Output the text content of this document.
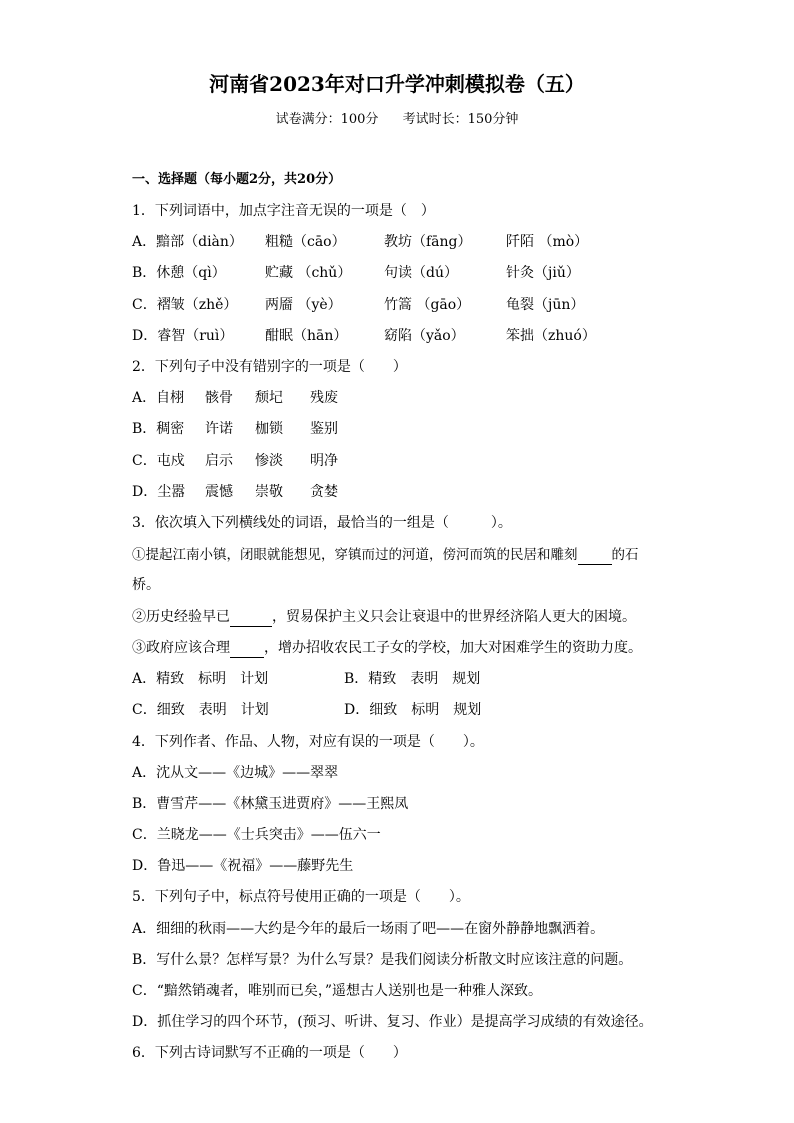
河南省2023年对口升学冲刺模拟卷（五）
试卷满分：100分 考试时长：150分钟
一、选择题（每小题2分，共20分）
1．下列词语中，加点字注音无误的一项是（　）
A．黯部（diàn） 粗糙（cāo）	教坊（fāng） 阡陌 （mò）
B．休憩（qì）	贮藏 （chǔ） 句读（dú）	针灸（jiǔ）
C．褶皱（zhě） 两靥 （yè）	竹篙 （gāo）	龟裂（jūn）
D．睿智（ruì） 酣眠（hān）	窈陷（yǎo）	笨拙（zhuó）
2．下列句子中没有错别字的一项是（　　）
A．自栩 骸骨 颓圮 残废
B．稠密 许诺 枷锁 鉴别
C．屯戍 启示 惨淡 明净
D．尘嚣 震憾 崇敬 贪婪
3．依次填入下列横线处的词语，最恰当的一组是（　　　）。
①提起江南小镇，闭眼就能想见，穿镇而过的河道，傍河而筑的民居和雕刻	的石
桥。
②历史经验早已	，贸易保护主义只会让衰退中的世界经济陷人更大的困境。
③政府应该合理 ，增办招收农民工子女的学校，加大对困难学生的资助力度。
A．精致　标明　计划	B．精致　表明　规划
C．细致　表明　计划	D．细致　标明　规划
4．下列作者、作品、人物，对应有误的一项是（　　）。
A．沈从文——《边城》——翠翠
B．曹雪芹——《林黛玉进贾府》——王熙凤
C．兰晓龙——《士兵突击》——伍六一
D．鲁迅——《祝福》——藤野先生
5．下列句子中，标点符号使用正确的一项是（　　）。
A．细细的秋雨——大约是今年的最后一场雨了吧——在窗外静静地飘洒着。
B．写什么景？怎样写景？为什么写景？是我们阅读分析散文时应该注意的问题。
C．“黯然销魂者，唯别而已矣，”遥想古人送别也是一种雅人深致。
D．抓住学习的四个环节，(预习、听讲、复习、作业）是提高学习成绩的有效途径。
6．下列古诗词默写不正确的一项是（　　）
